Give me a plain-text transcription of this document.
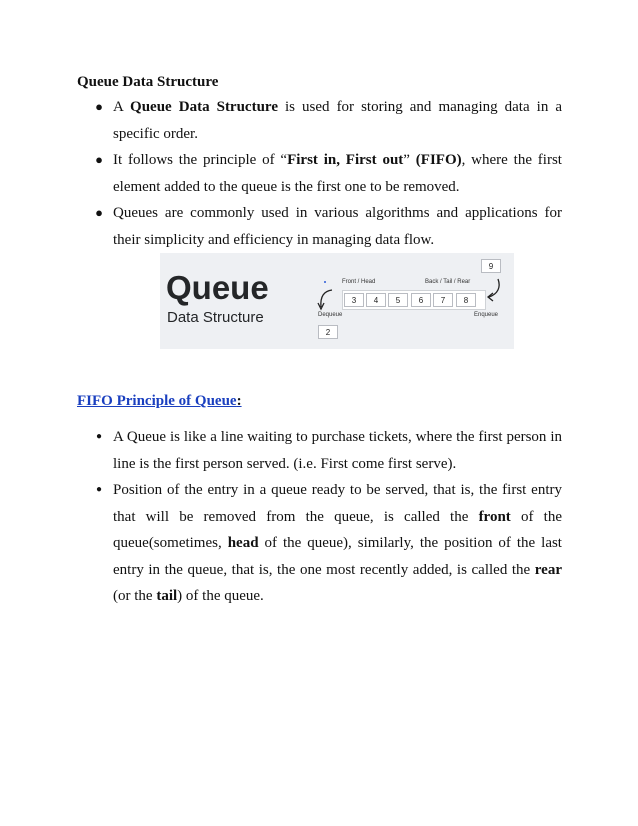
Queue Data Structure
● A Queue Data Structure is used for storing and managing data in a specific order.
● It follows the principle of “First in, First out” (FIFO), where the first element added to the queue is the first one to be removed.
● Queues are commonly used in various algorithms and applications for their simplicity and efficiency in managing data flow.
Queue
Data Structure
Front / Head	Back / Tail / Rear
9
3	4	5	6	7	8
Dequeue	Enqueue
2
FIFO Principle of Queue:
● A Queue is like a line waiting to purchase tickets, where the first person in line is the first person served. (i.e. First come first serve).
● Position of the entry in a queue ready to be served, that is, the first entry that will be removed from the queue, is called the front of the queue(sometimes, head of the queue), similarly, the position of the last entry in the queue, that is, the one most recently added, is called the rear (or the tail) of the queue.
